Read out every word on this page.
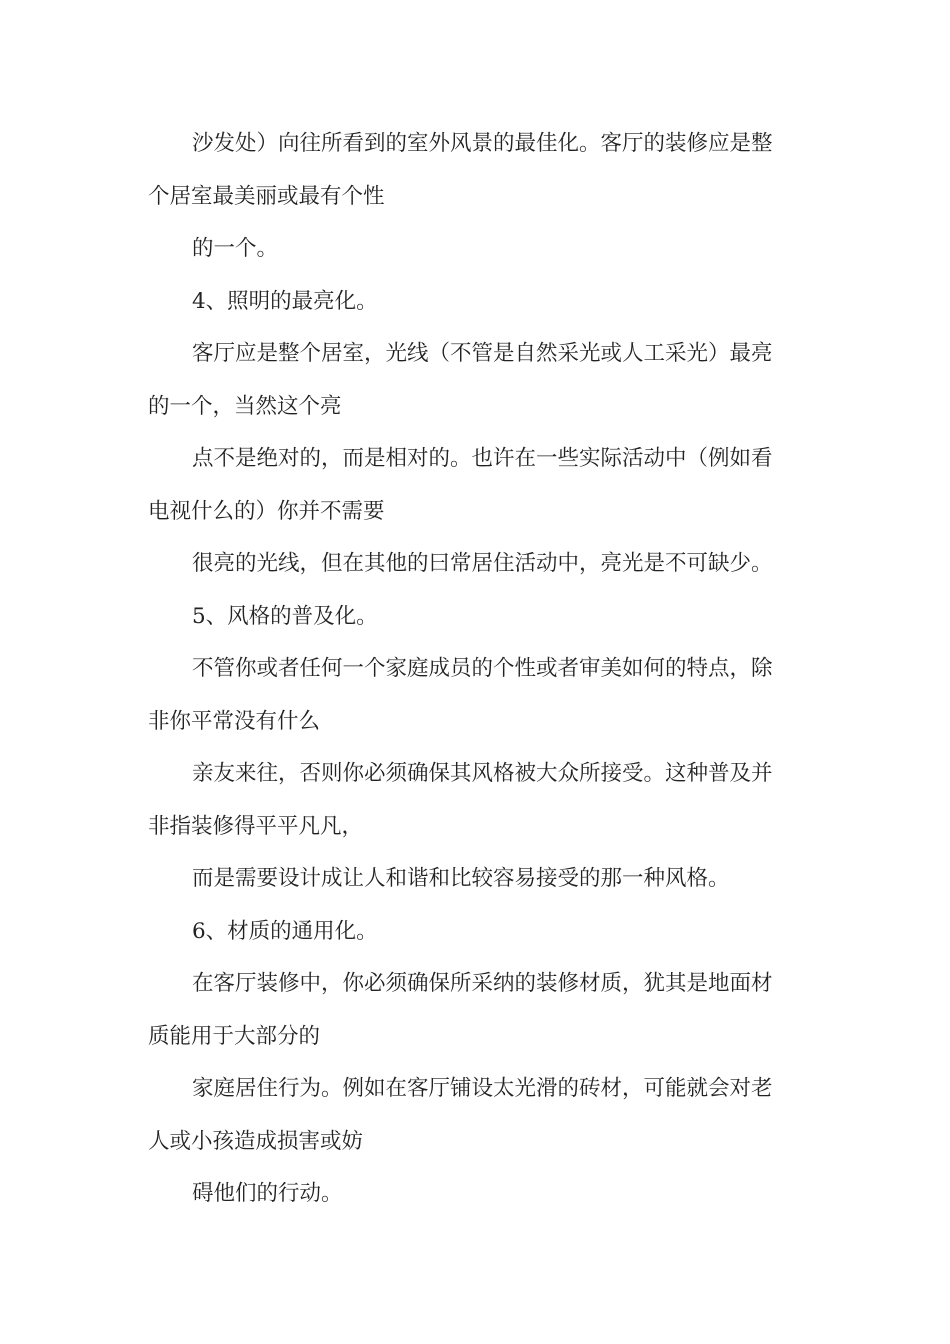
沙发处）向往所看到的室外风景的最佳化。客厅的装修应是整
个居室最美丽或最有个性
的一个。
4、照明的最亮化。
客厅应是整个居室，光线（不管是自然采光或人工采光）最亮
的一个，当然这个亮
点不是绝对的，而是相对的。也许在一些实际活动中（例如看
电视什么的）你并不需要
很亮的光线，但在其他的曰常居住活动中，亮光是不可缺少。
5、风格的普及化。
不管你或者任何一个家庭成员的个性或者审美如何的特点，除
非你平常没有什么
亲友来往，否则你必须确保其风格被大众所接受。这种普及并
非指装修得平平凡凡，
而是需要设计成让人和谐和比较容易接受的那一种风格。
6、材质的通用化。
在客厅装修中，你必须确保所采纳的装修材质，犹其是地面材
质能用于大部分的
家庭居住行为。例如在客厅铺设太光滑的砖材，可能就会对老
人或小孩造成损害或妨
碍他们的行动。
